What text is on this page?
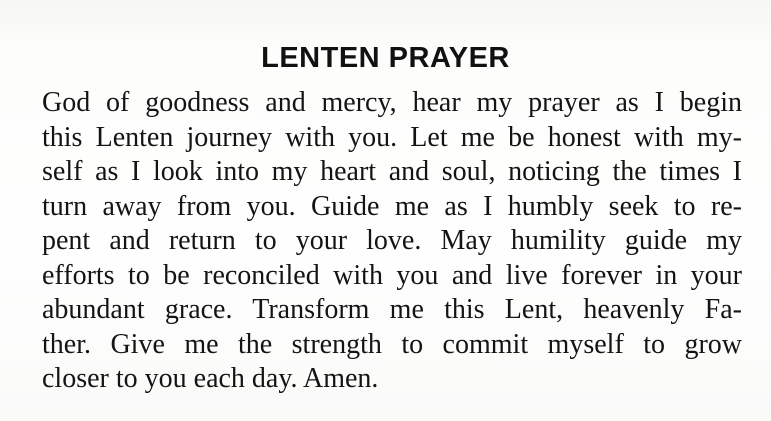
LENTEN PRAYER
God of goodness and mercy, hear my prayer as I begin
this Lenten journey with you. Let me be honest with my-
self as I look into my heart and soul, noticing the times I
turn away from you. Guide me as I humbly seek to re-
pent and return to your love. May humility guide my
efforts to be reconciled with you and live forever in your
abundant grace. Transform me this Lent, heavenly Fa-
ther. Give me the strength to commit myself to grow
closer to you each day. Amen.
